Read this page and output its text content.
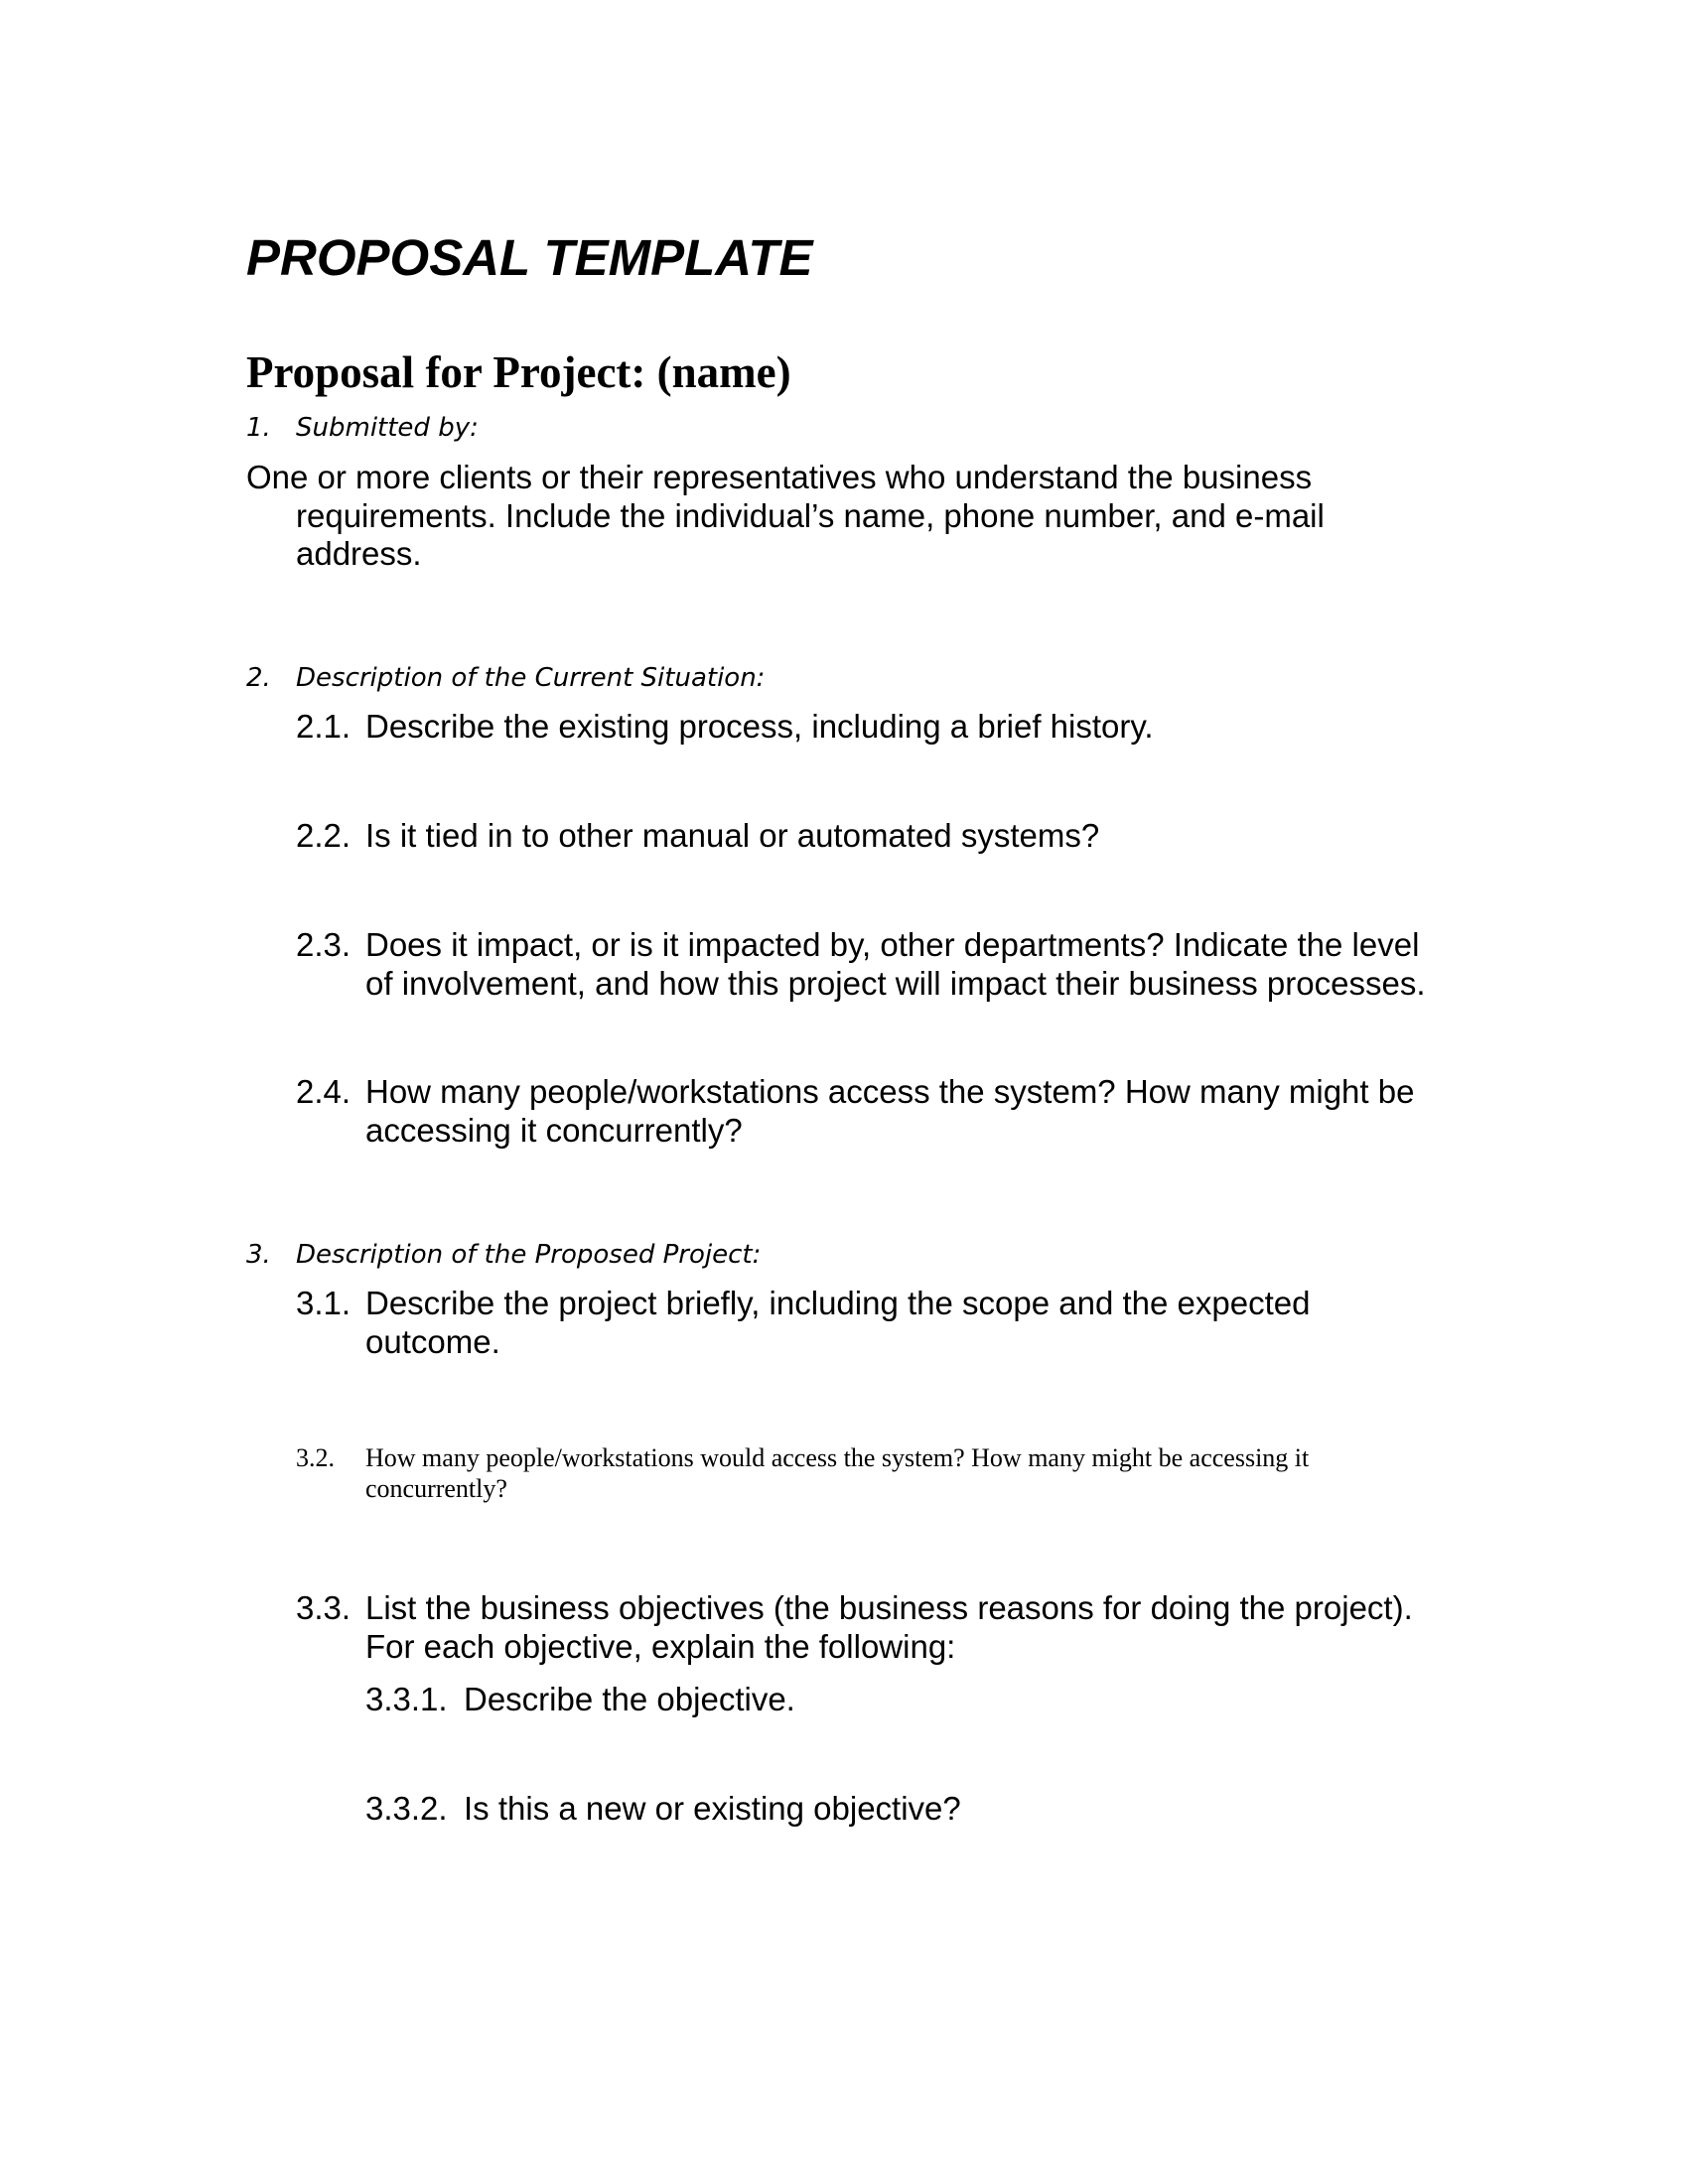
PROPOSAL TEMPLATE
Proposal for Project: (name)
1. Submitted by:
One or more clients or their representatives who understand the business requirements. Include the individual’s name, phone number, and e-mail address.
2. Description of the Current Situation:
2.1. Describe the existing process, including a brief history.
2.2. Is it tied in to other manual or automated systems?
2.3. Does it impact, or is it impacted by, other departments? Indicate the level of involvement, and how this project will impact their business processes.
2.4. How many people/workstations access the system? How many might be accessing it concurrently?
3. Description of the Proposed Project:
3.1. Describe the project briefly, including the scope and the expected outcome.
3.2.	How many people/workstations would access the system? How many might be accessing it concurrently?
3.3. List the business objectives (the business reasons for doing the project). For each objective, explain the following:
3.3.1. Describe the objective.
3.3.2. Is this a new or existing objective?
